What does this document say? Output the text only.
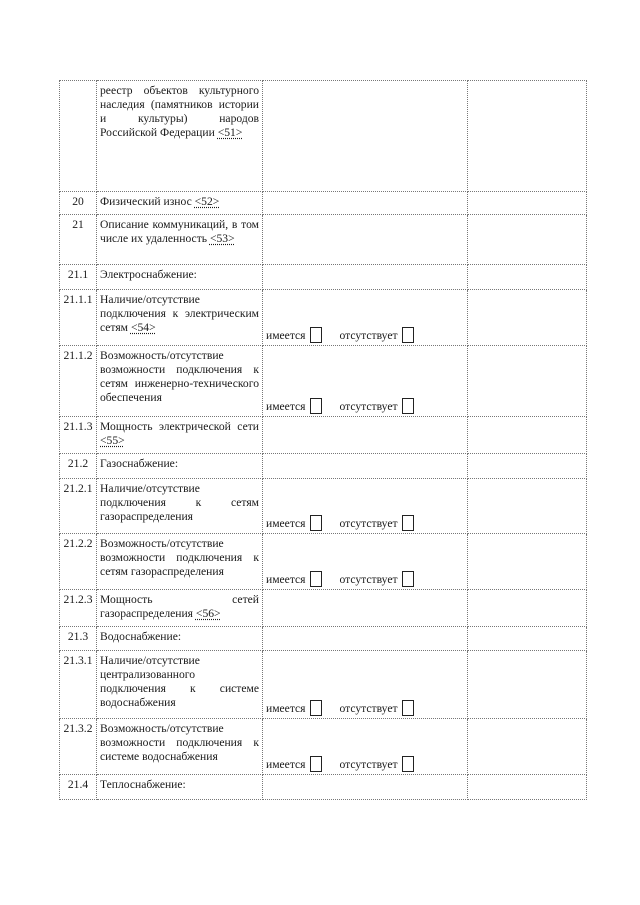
	реестр объектов культурного наследия (памятников истории и культуры) народов Российской Федерации <51>		
20	Физический износ <52>		
21	Описание коммуникаций, в том числе их удаленность <53>		
21.1	Электроснабжение:		
21.1.1	Наличие/отсутствие подключения к электрическим сетям <54>	имеется отсутствует	

21.1.2	Возможность/отсутствие возможности подключения к сетям инженерно-технического обеспечения	имеется отсутствует	

21.1.3	Мощность электрической сети <55>		
21.2	Газоснабжение:		
21.2.1	Наличие/отсутствие подключения к сетям газораспределения	имеется отсутствует	

21.2.2	Возможность/отсутствие возможности подключения к сетям газораспределения	имеется отсутствует	

21.2.3	Мощность сетей газораспределения <56>		
21.3	Водоснабжение:		
21.3.1	Наличие/отсутствие централизованного подключения к системе водоснабжения	имеется отсутствует	

21.3.2	Возможность/отсутствие возможности подключения к системе водоснабжения	имеется отсутствует	

21.4	Теплоснабжение:		
